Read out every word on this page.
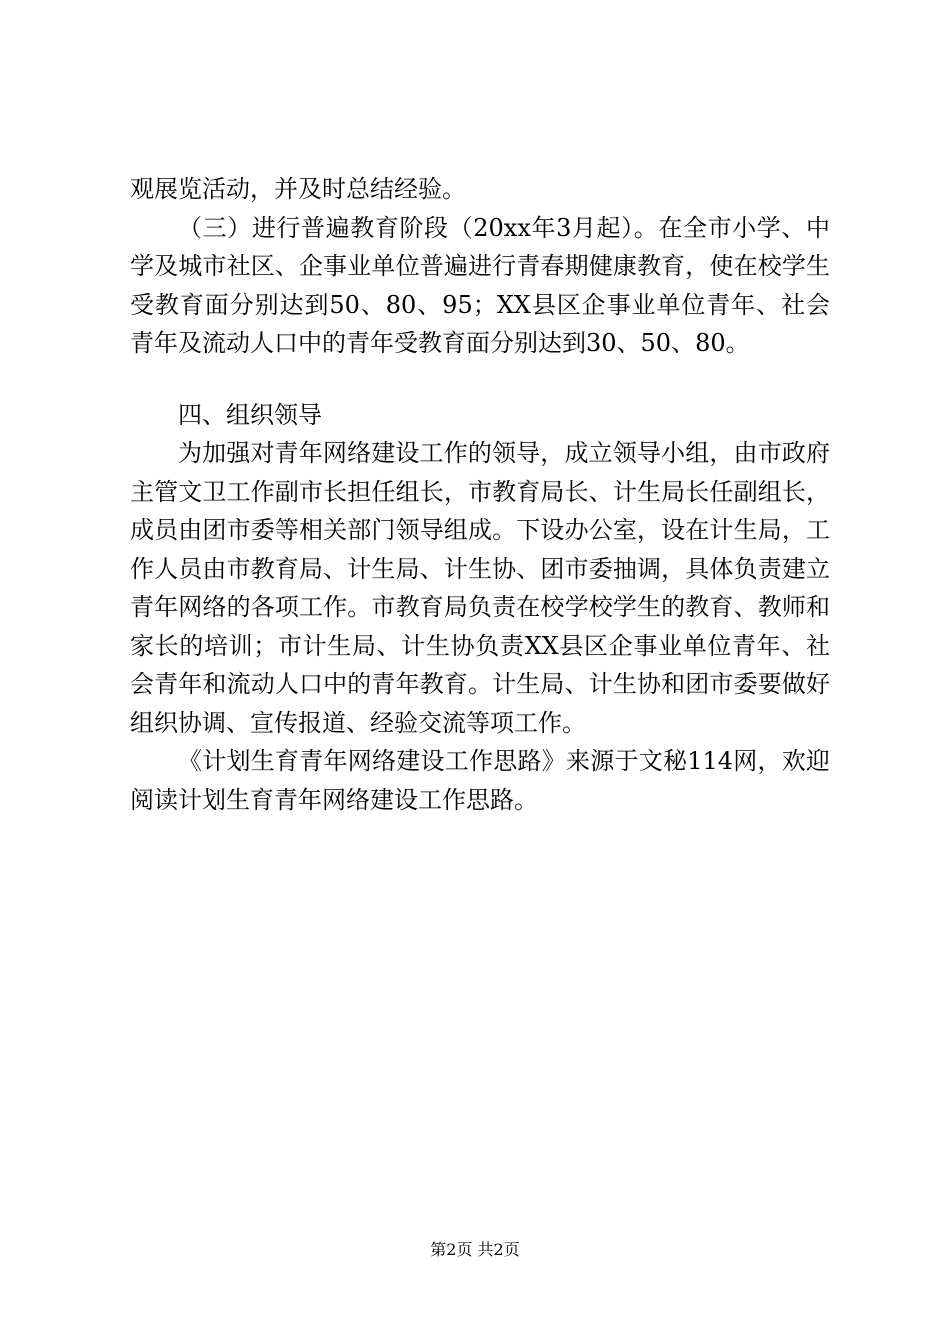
观展览活动，并及时总结经验。

（三）进行普遍教育阶段（20xx年3月起）。在全市小学、中学及城市社区、企事业单位普遍进行青春期健康教育，使在校学生受教育面分别达到50、80、95；XX县区企事业单位青年、社会青年及流动人口中的青年受教育面分别达到30、50、80。

四、组织领导

为加强对青年网络建设工作的领导，成立领导小组，由市政府主管文卫工作副市长担任组长，市教育局长、计生局长任副组长，成员由团市委等相关部门领导组成。下设办公室，设在计生局，工作人员由市教育局、计生局、计生协、团市委抽调，具体负责建立青年网络的各项工作。市教育局负责在校学校学生的教育、教师和家长的培训；市计生局、计生协负责XX县区企事业单位青年、社会青年和流动人口中的青年教育。计生局、计生协和团市委要做好组织协调、宣传报道、经验交流等项工作。

《计划生育青年网络建设工作思路》来源于文秘114网，欢迎阅读计划生育青年网络建设工作思路。

第2页 共2页
